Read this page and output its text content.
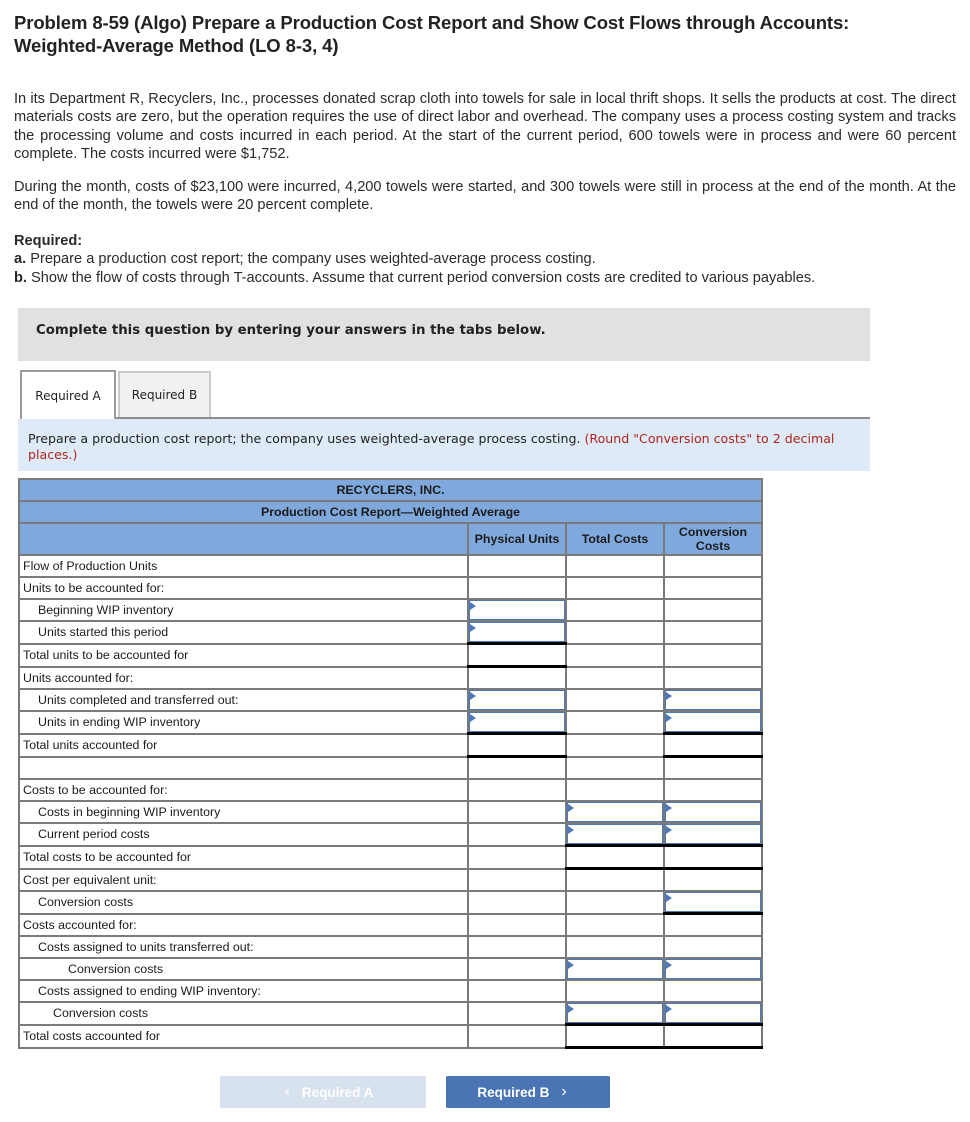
Problem 8-59 (Algo) Prepare a Production Cost Report and Show Cost Flows through Accounts:
Weighted-Average Method (LO 8-3, 4)
In its Department R, Recyclers, Inc., processes donated scrap cloth into towels for sale in local thrift shops. It sells the products at cost. The direct materials costs are zero, but the operation requires the use of direct labor and overhead. The company uses a process costing system and tracks the processing volume and costs incurred in each period. At the start of the current period, 600 towels were in process and were 60 percent complete. The costs incurred were $1,752.
During the month, costs of $23,100 were incurred, 4,200 towels were started, and 300 towels were still in process at the end of the month. At the end of the month, the towels were 20 percent complete.
Required:
a. Prepare a production cost report; the company uses weighted-average process costing.
b. Show the flow of costs through T-accounts. Assume that current period conversion costs are credited to various payables.
Complete this question by entering your answers in the tabs below.
Required A	Required B
Prepare a production cost report; the company uses weighted-average process costing. (Round "Conversion costs" to 2 decimal places.)
RECYCLERS, INC.			
Production Cost Report—Weighted Average			
	Physical Units	Total Costs	Conversion Costs
Flow of Production Units			
Units to be accounted for:			
Beginning WIP inventory	

Units started this period	

Total units to be accounted for			
Units accounted for:			
Units completed and transferred out:	

Units in ending WIP inventory	

Total units accounted for			

Costs to be accounted for:			
Costs in beginning WIP inventory		

Current period costs		

Total costs to be accounted for			
Cost per equivalent unit:			
Conversion costs			

Costs accounted for:			
Costs assigned to units transferred out:			
Conversion costs		

Costs assigned to ending WIP inventory:			
Conversion costs		

Total costs accounted for			
‹ Required A	Required B ›
